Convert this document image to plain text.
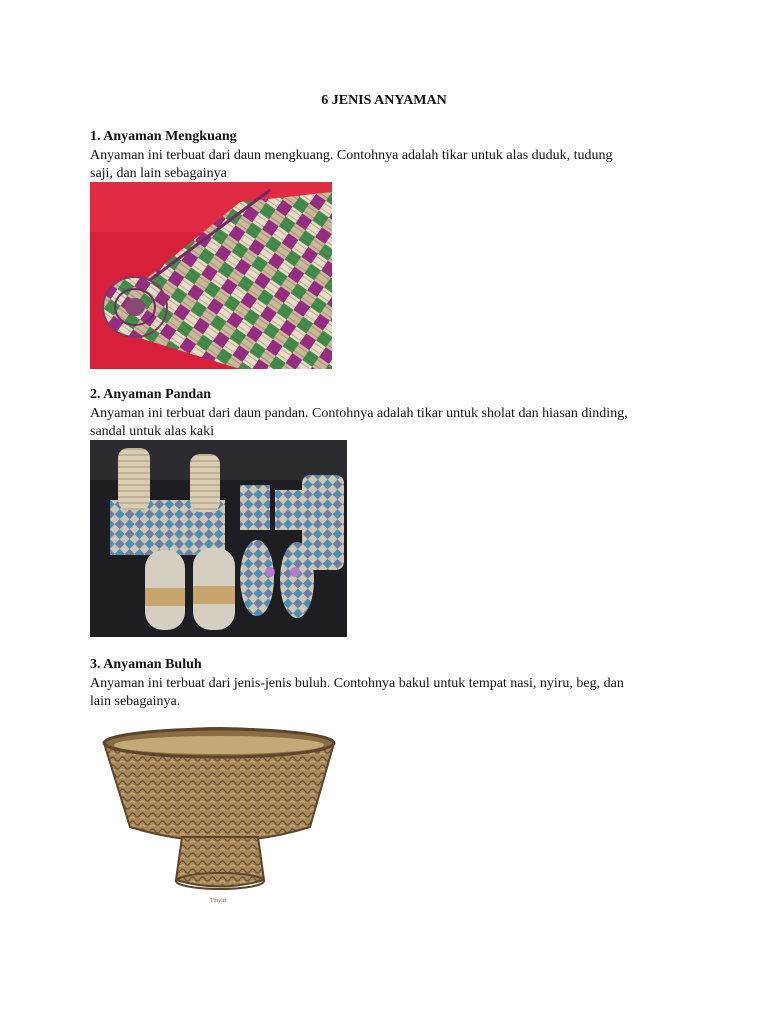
6 JENIS ANYAMAN
1. Anyaman Mengkuang
Anyaman ini terbuat dari daun mengkuang. Contohnya adalah tikar untuk alas duduk, tudung
saji, dan lain sebagainya
2. Anyaman Pandan
Anyaman ini terbuat dari daun pandan. Contohnya adalah tikar untuk sholat dan hiasan dinding,
sandal untuk alas kaki
3. Anyaman Buluh
Anyaman ini terbuat dari jenis-jenis buluh. Contohnya bakul untuk tempat nasi, nyiru, beg, dan
lain sebagainya.
Tinyiri
